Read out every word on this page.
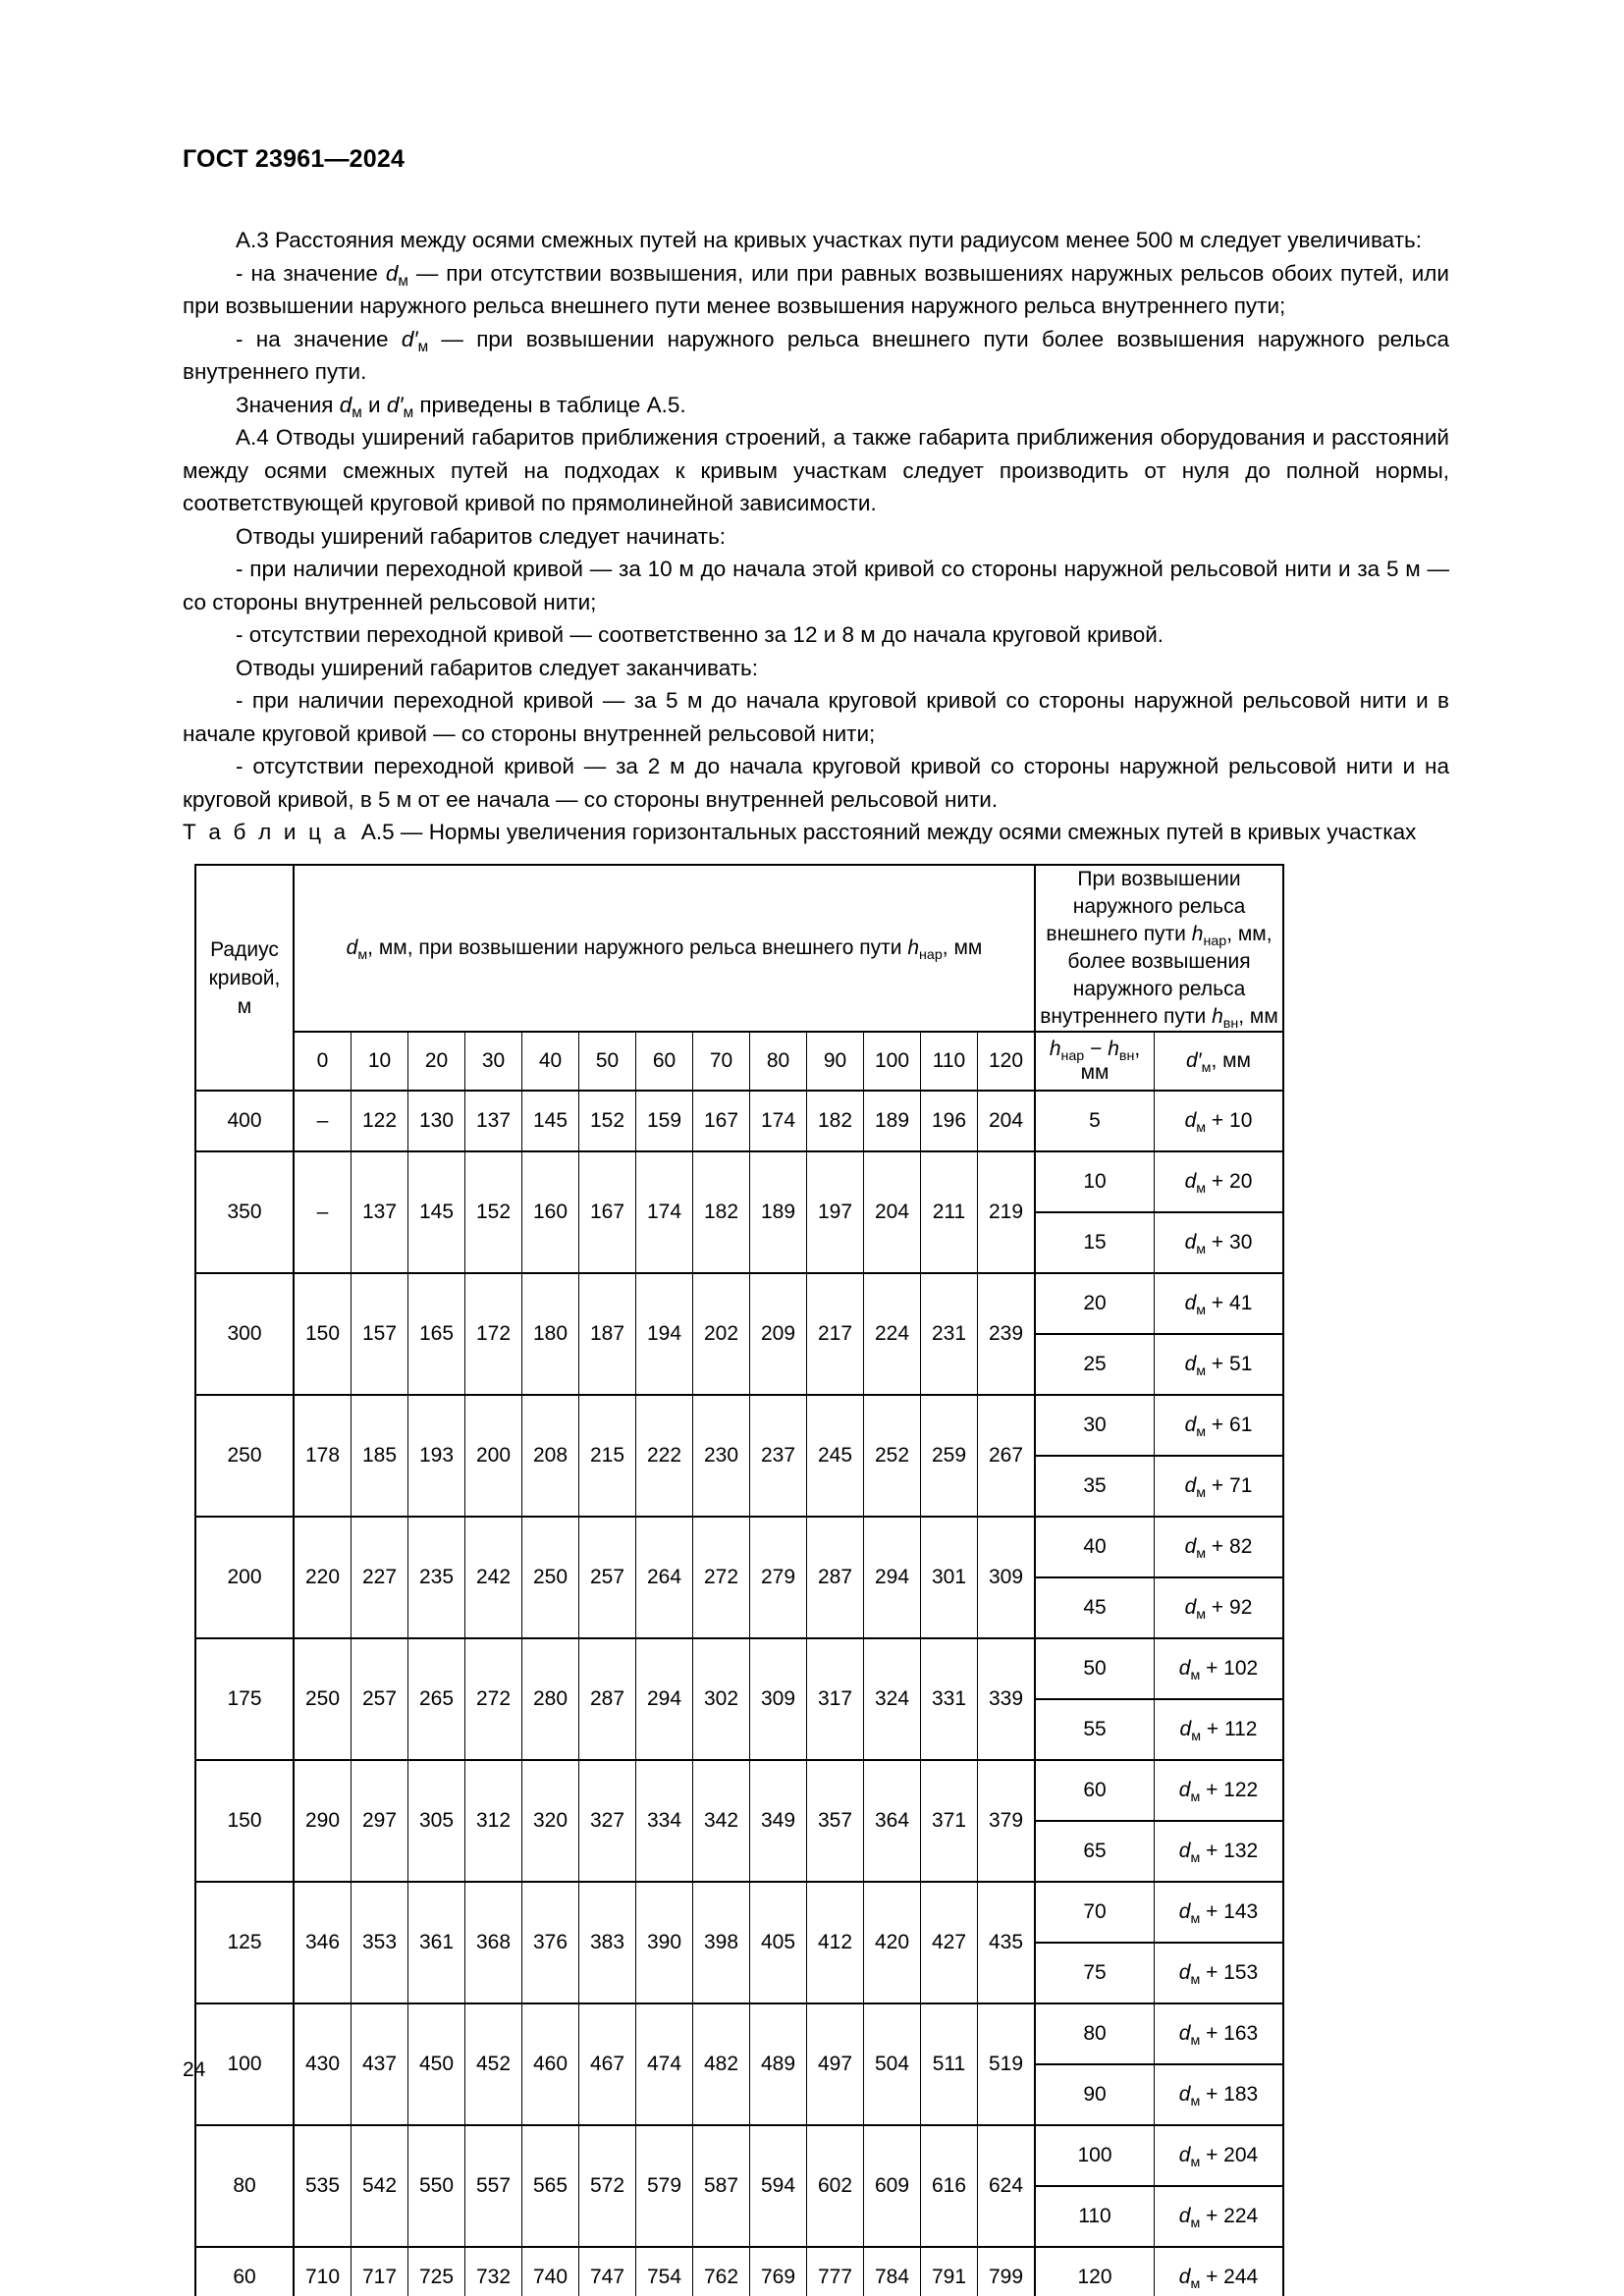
ГОСТ 23961—2024

А.3 Расстояния между осями смежных путей на кривых участках пути радиусом менее 500 м следует увеличивать:

- на значение $d_м$ — при отсутствии возвышения, или при равных возвышениях наружных рельсов обоих путей, или при возвышении наружного рельса внешнего пути менее возвышения наружного рельса внутреннего пути;

- на значение $d'_м$ — при возвышении наружного рельса внешнего пути более возвышения наружного рельса внутреннего пути.

Значения $d_м$ и $d'_м$ приведены в таблице А.5.

А.4 Отводы уширений габаритов приближения строений, а также габарита приближения оборудования и расстояний между осями смежных путей на подходах к кривым участкам следует производить от нуля до полной нормы, соответствующей круговой кривой по прямолинейной зависимости.

Отводы уширений габаритов следует начинать:

- при наличии переходной кривой — за 10 м до начала этой кривой со стороны наружной рельсовой нити и за 5 м — со стороны внутренней рельсовой нити;

- отсутствии переходной кривой — соответственно за 12 и 8 м до начала круговой кривой.

Отводы уширений габаритов следует заканчивать:

- при наличии переходной кривой — за 5 м до начала круговой кривой со стороны наружной рельсовой нити и в начале круговой кривой — со стороны внутренней рельсовой нити;

- отсутствии переходной кривой — за 2 м до начала круговой кривой со стороны наружной рельсовой нити и на круговой кривой, в 5 м от ее начала — со стороны внутренней рельсовой нити.

Т а б л и ц а А.5 — Нормы увеличения горизонтальных расстояний между осями смежных путей в кривых участках
Радиус
кривой,
м	$d_м$, мм, при возвышении наружного рельса внешнего пути $h_{нар}$, мм													При возвышении наружного рельса внешнего пути $h_{нар}$, мм, более возвышения наружного рельса внутреннего пути $h_{вн}$, мм	
	0	10	20	30	40	50	60	70	80	90	100	110	120	$h_{нар} - h_{вн}$,
мм	$d'_м$, мм
400	–	122	130	137	145	152	159	167	174	182	189	196	204	5	$d_м + 10$
350	–	137	145	152	160	167	174	182	189	197	204	211	219	10	$d_м + 20$
														15	$d_м + 30$
300	150	157	165	172	180	187	194	202	209	217	224	231	239	20	$d_м + 41$
														25	$d_м + 51$
250	178	185	193	200	208	215	222	230	237	245	252	259	267	30	$d_м + 61$
														35	$d_м + 71$
200	220	227	235	242	250	257	264	272	279	287	294	301	309	40	$d_м + 82$
														45	$d_м + 92$
175	250	257	265	272	280	287	294	302	309	317	324	331	339	50	$d_м + 102$
														55	$d_м + 112$
150	290	297	305	312	320	327	334	342	349	357	364	371	379	60	$d_м + 122$
														65	$d_м + 132$
125	346	353	361	368	376	383	390	398	405	412	420	427	435	70	$d_м + 143$
														75	$d_м + 153$
100	430	437	450	452	460	467	474	482	489	497	504	511	519	80	$d_м + 163$
														90	$d_м + 183$
80	535	542	550	557	565	572	579	587	594	602	609	616	624	100	$d_м + 204$
														110	$d_м + 224$
60	710	717	725	732	740	747	754	762	769	777	784	791	799	120	$d_м + 244$
24
